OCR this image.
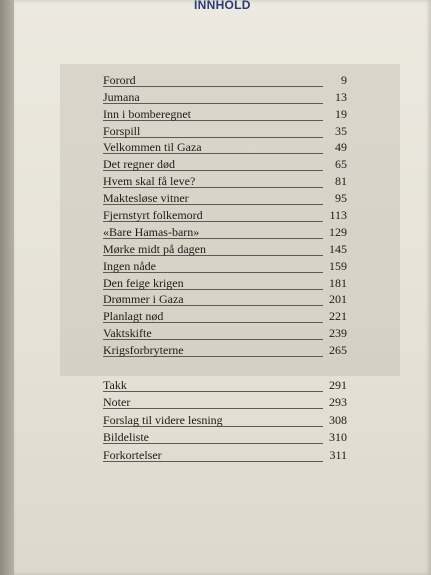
INNHOLD
Forord	9
Jumana	13
Inn i bomberegnet	19
Forspill	35
Velkommen til Gaza	49
Det regner død	65
Hvem skal få leve?	81
Maktesløse vitner	95
Fjernstyrt folkemord	113
«Bare Hamas-barn»	129
Mørke midt på dagen	145
Ingen nåde	159
Den feige krigen	181
Drømmer i Gaza	201
Planlagt nød	221
Vaktskifte	239
Krigsforbryterne	265
Takk	291
Noter	293
Forslag til videre lesning	308
Bildeliste	310
Forkortelser	311
